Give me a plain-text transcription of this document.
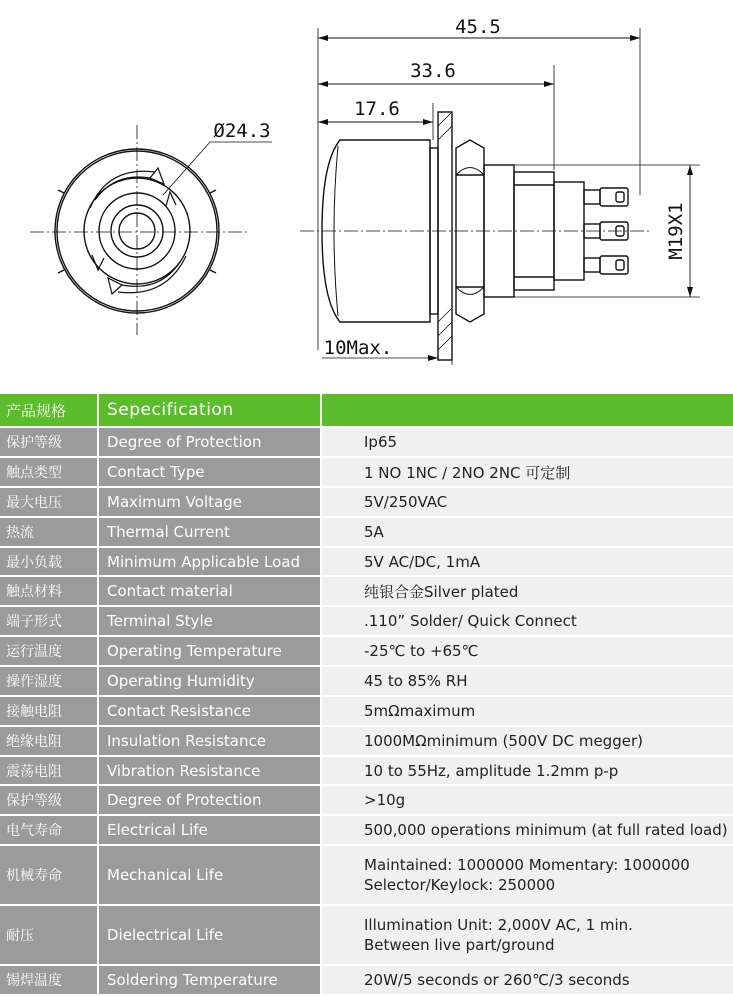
45.5
33.6
17.6
Ø24.3
10Max.
M19X1
产品规格	Sepecification	
保护等级	Degree of Protection	Ip65
触点类型	Contact Type	1 NO 1NC / 2NO 2NC 可定制
最大电压	Maximum Voltage	5V/250VAC
热流	Thermal Current	5A
最小负载	Minimum Applicable Load	5V AC/DC, 1mA
触点材料	Contact material	纯银合金Silver plated
端子形式	Terminal Style	.110” Solder/ Quick Connect
运行温度	Operating Temperature	-25℃ to +65℃
操作湿度	Operating Humidity	45 to 85% RH
接触电阻	Contact Resistance	5mΩmaximum
绝缘电阻	Insulation Resistance	1000MΩminimum (500V DC megger)
震荡电阻	Vibration Resistance	10 to 55Hz, amplitude 1.2mm p-p
保护等级	Degree of Protection	>10g
电气寿命	Electrical Life	500,000 operations minimum (at full rated load)
机械寿命	Mechanical Life	Maintained: 1000000 Momentary: 1000000
Selector/Keylock: 250000

耐压	Dielectrical Life	Illumination Unit: 2,000V AC, 1 min.
Between live part/ground

锡焊温度	Soldering Temperature	20W/5 seconds or 260℃/3 seconds
